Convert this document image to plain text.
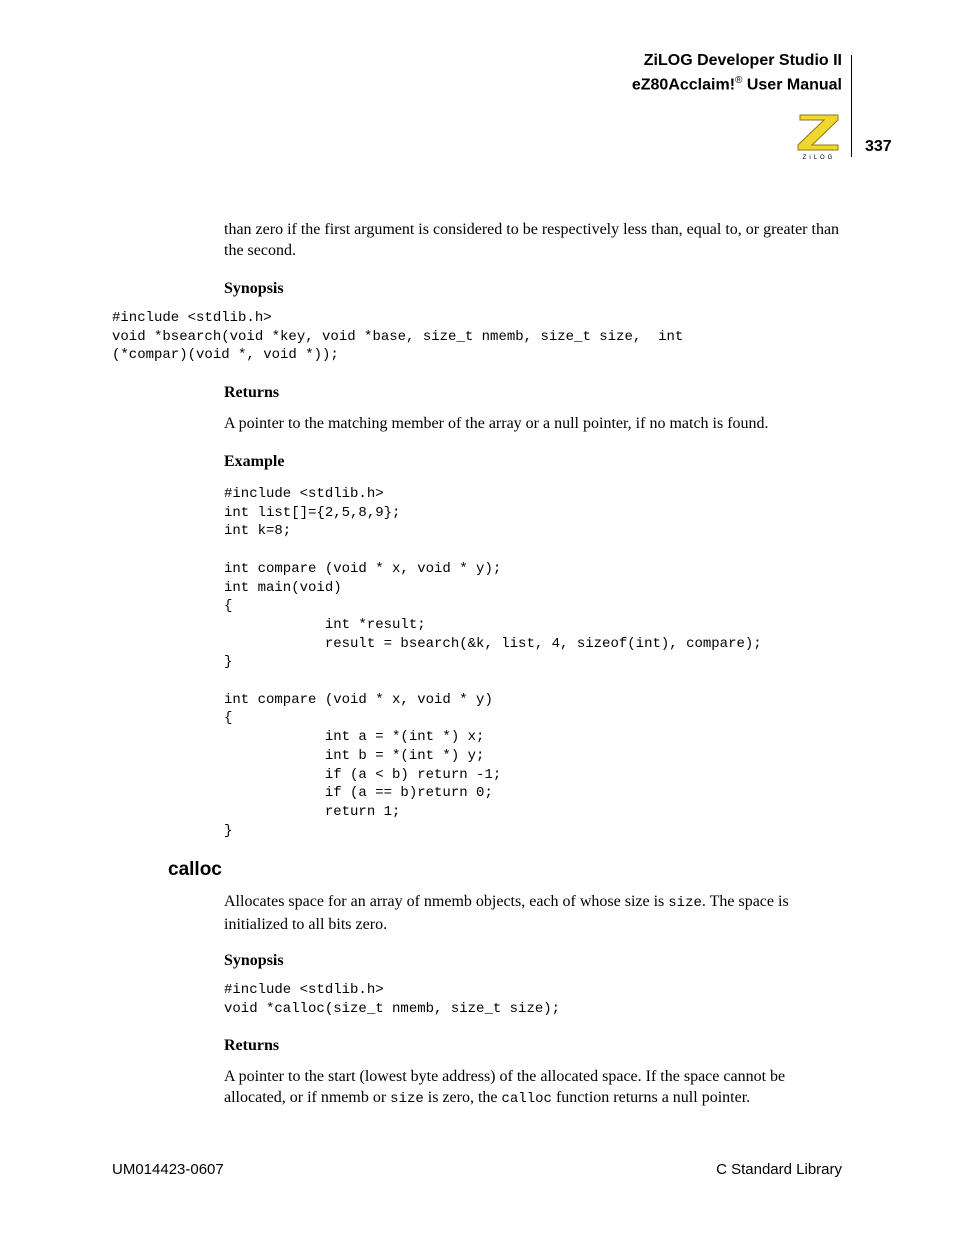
ZiLOG Developer Studio II
eZ80Acclaim!® User Manual
ZiLOG
337
than zero if the first argument is considered to be respectively less than, equal to, or greater than the second.
Synopsis
#include <stdlib.h>
void *bsearch(void *key, void *base, size_t nmemb, size_t size,  int
(*compar)(void *, void *));
Returns
A pointer to the matching member of the array or a null pointer, if no match is found.
Example
#include <stdlib.h>
int list[]={2,5,8,9};
int k=8;

int compare (void * x, void * y);
int main(void)
{
int *result;
result = bsearch(&k, list, 4, sizeof(int), compare);
}

int compare (void * x, void * y)
{
int a = *(int *) x;
int b = *(int *) y;
if (a < b) return -1;
if (a == b)return 0;
return 1;
}
calloc
Allocates space for an array of nmemb objects, each of whose size is size. The space is initialized to all bits zero.
Synopsis
#include <stdlib.h>
void *calloc(size_t nmemb, size_t size);
Returns
A pointer to the start (lowest byte address) of the allocated space. If the space cannot be allocated, or if nmemb or size is zero, the calloc function returns a null pointer.
UM014423-0607	C Standard Library
